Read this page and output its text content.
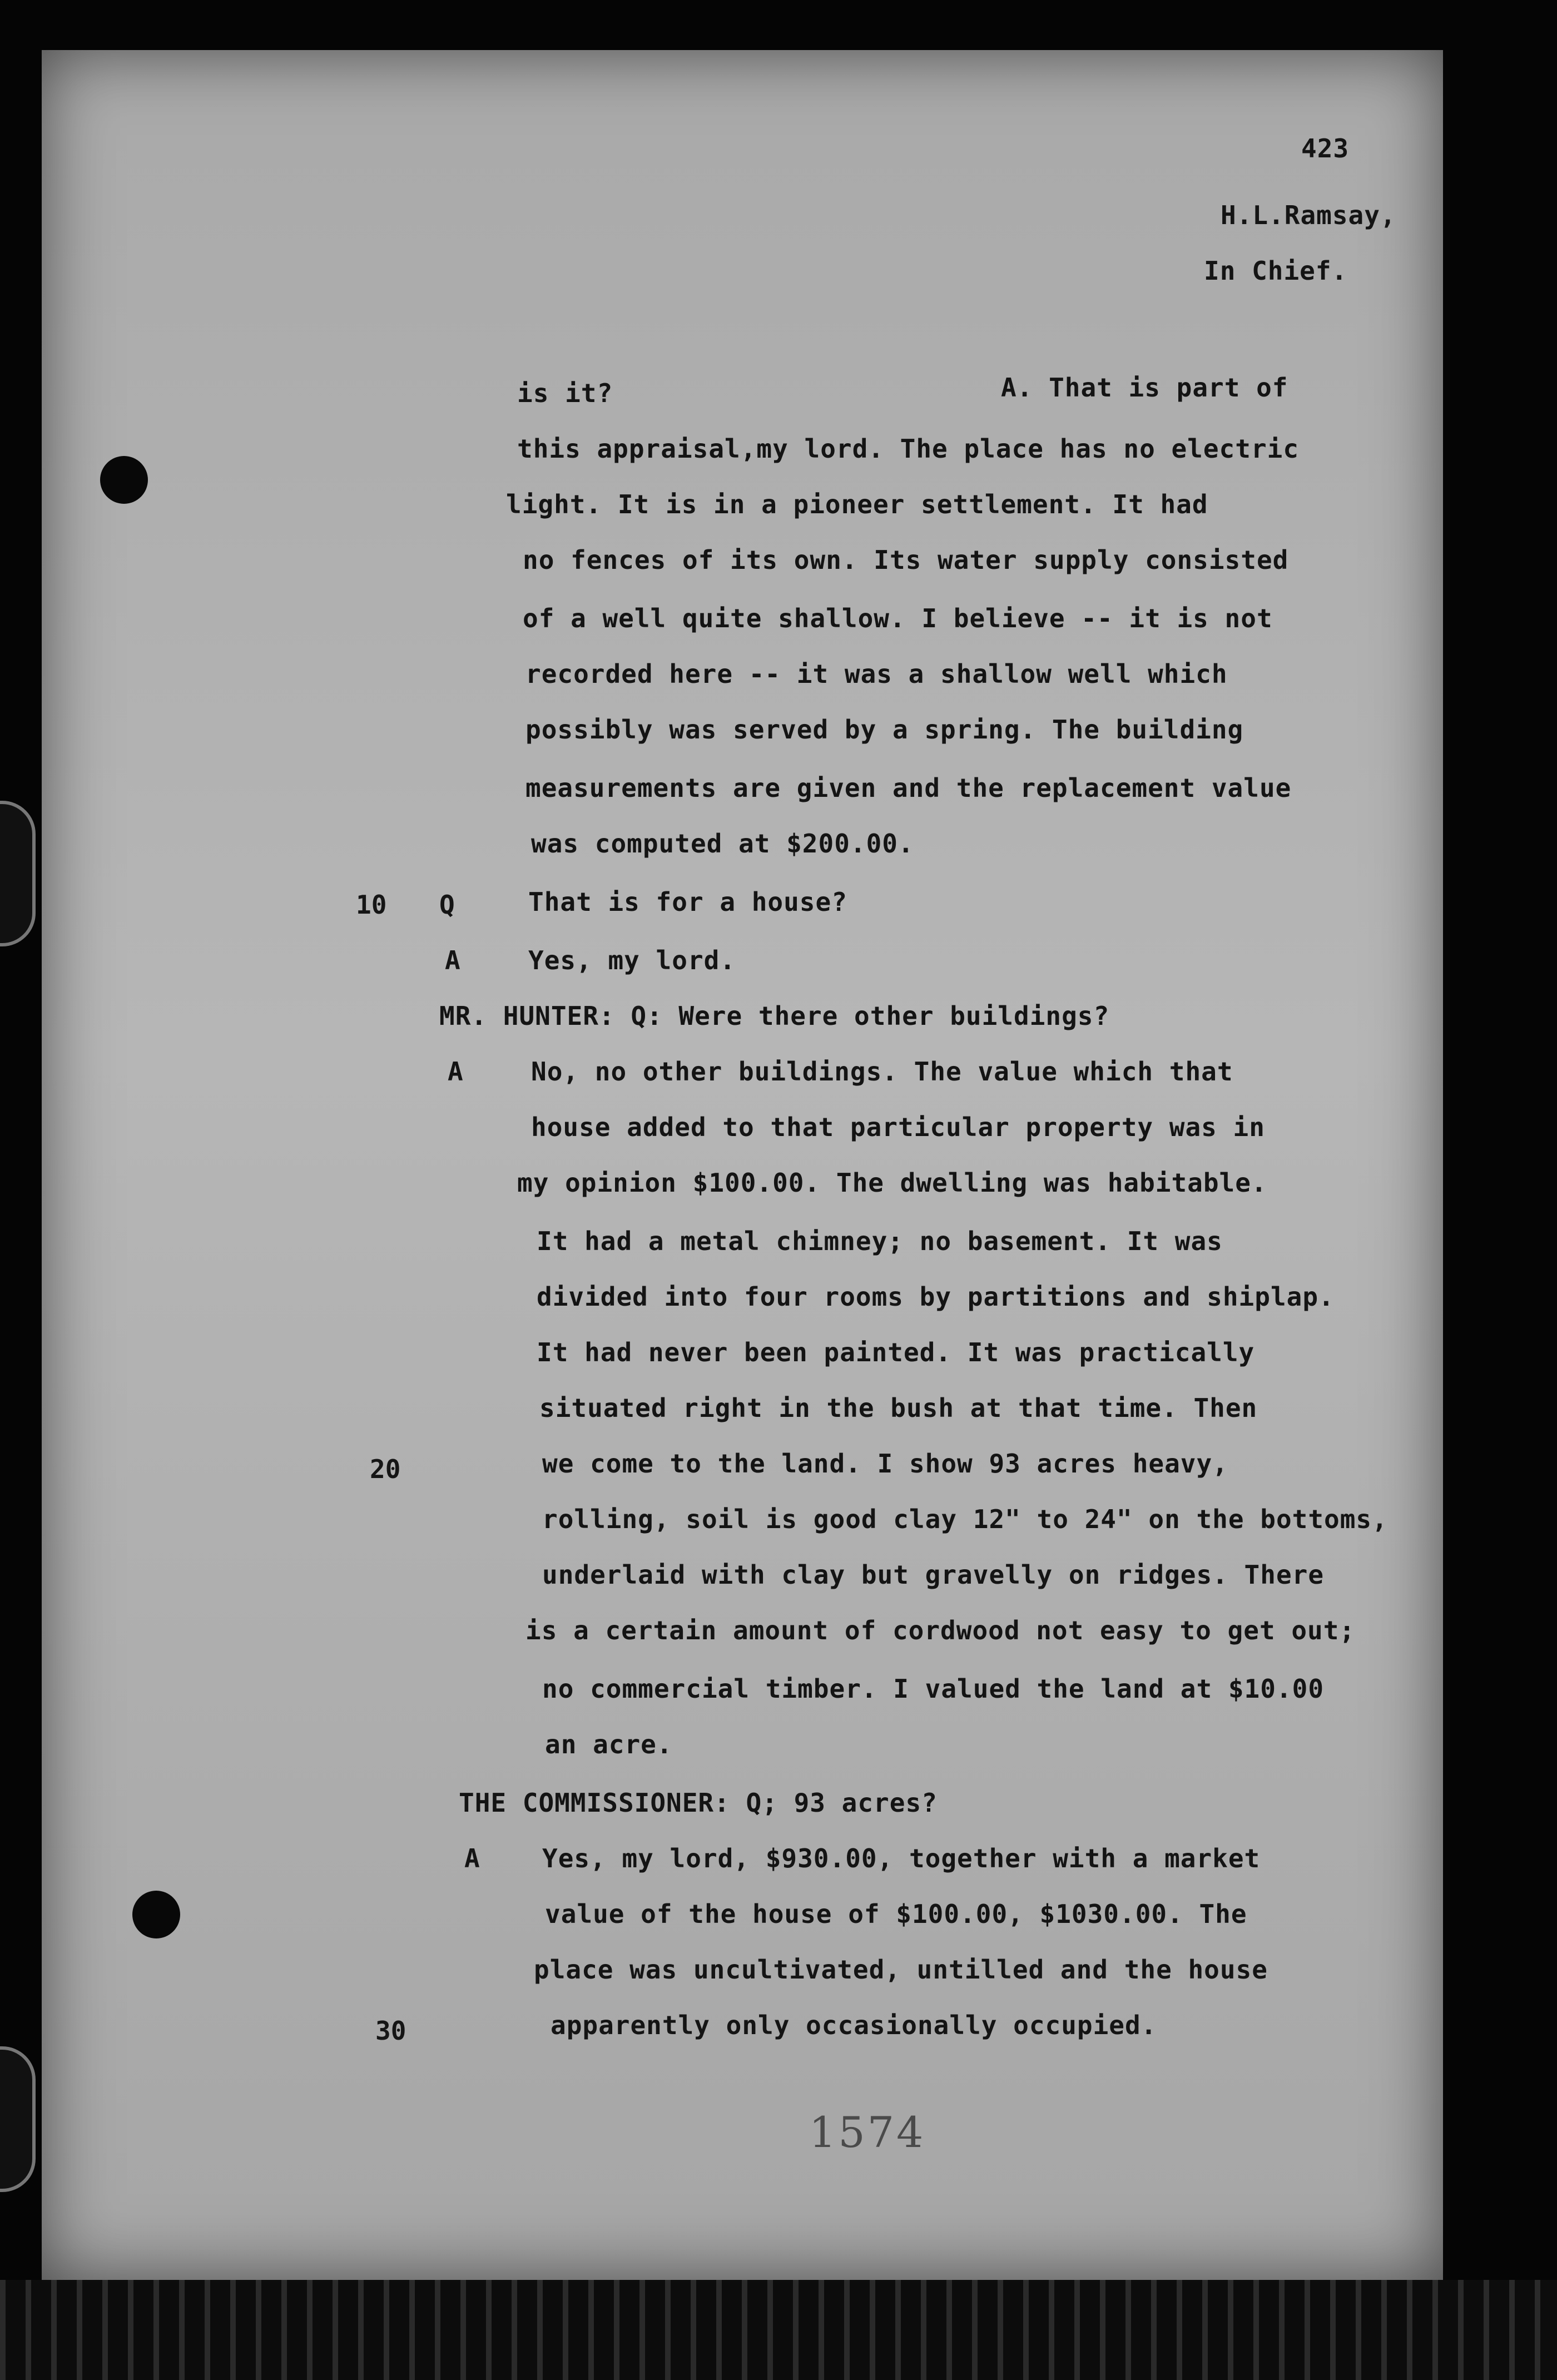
423
H.L.Ramsay,
In Chief.
is it?	A. That is part of
this appraisal,my lord. The place has no electric
light. It is in a pioneer settlement. It had
no fences of its own. Its water supply consisted
of a well quite shallow. I believe -- it is not
recorded here -- it was a shallow well which
possibly was served by a spring. The building
measurements are given and the replacement value
was computed at $200.00.
10 Q	That is for a house?
A	Yes, my lord.
MR. HUNTER: Q: Were there other buildings?
A	No, no other buildings. The value which that
house added to that particular property was in
my opinion $100.00. The dwelling was habitable.
It had a metal chimney; no basement. It was
divided into four rooms by partitions and shiplap.
It had never been painted. It was practically
situated right in the bush at that time. Then
20	we come to the land. I show 93 acres heavy,
rolling, soil is good clay 12" to 24" on the bottoms,
underlaid with clay but gravelly on ridges. There
is a certain amount of cordwood not easy to get out;
no commercial timber. I valued the land at $10.00
an acre.
THE COMMISSIONER: Q; 93 acres?
A Yes, my lord, $930.00, together with a market
value of the house of $100.00, $1030.00. The
place was uncultivated, untilled and the house
30	apparently only occasionally occupied.
1574
